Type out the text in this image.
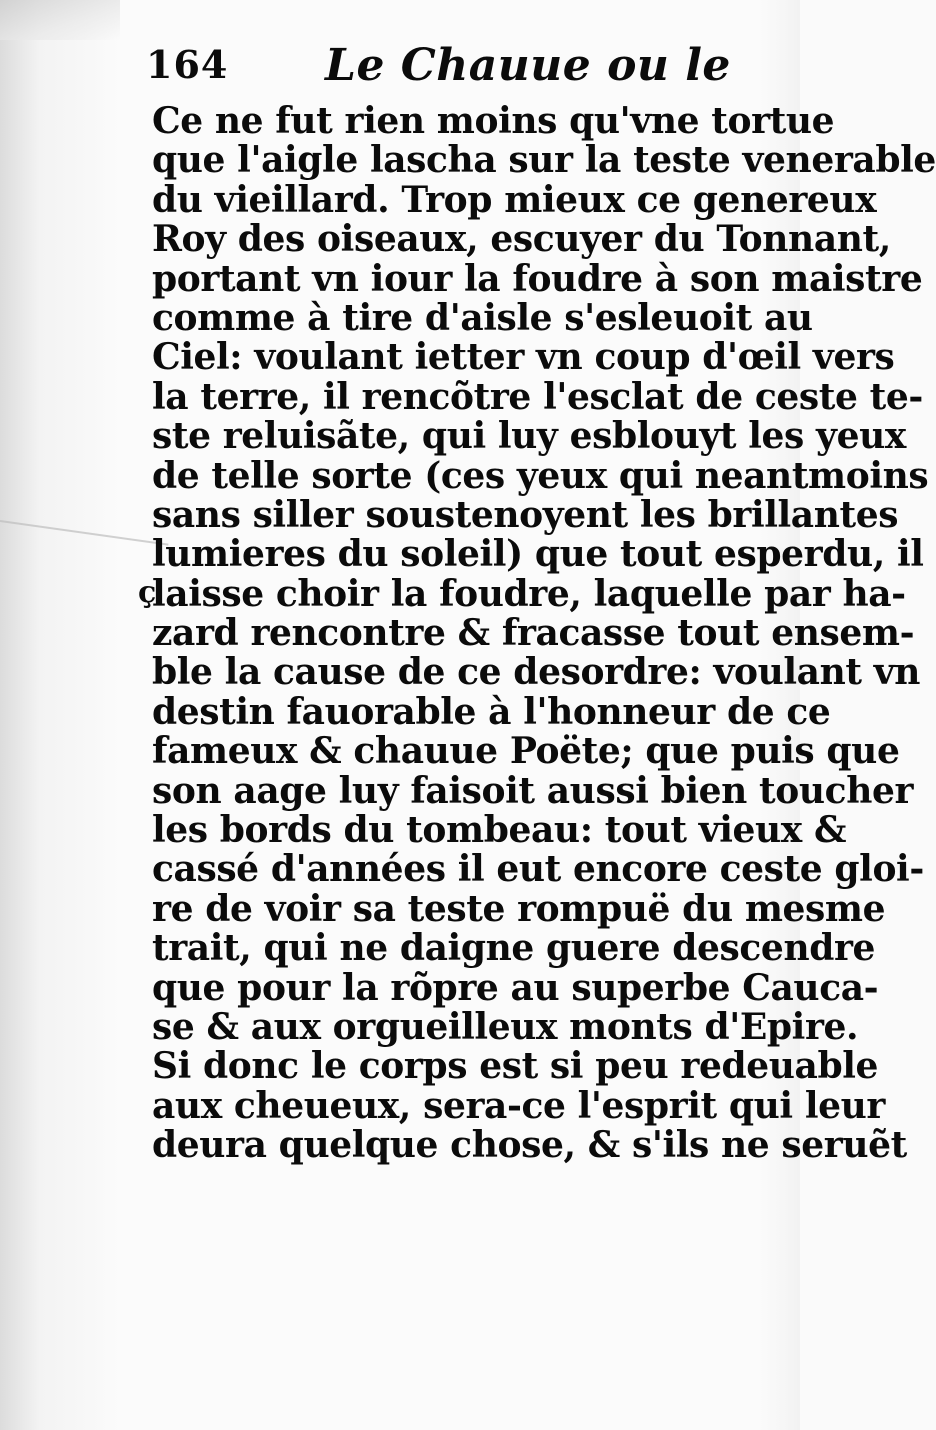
164 Le Chauue ou le
ç
Ce ne fut rien moins qu'vne tortue
que l'aigle lascha sur la teste venerable
du vieillard. Trop mieux ce genereux
Roy des oiseaux, escuyer du Tonnant,
portant vn iour la foudre à son maistre
comme à tire d'aisle s'esleuoit au
Ciel: voulant ietter vn coup d'œil vers
la terre, il rencõtre l'esclat de ceste te-
ste reluisãte, qui luy esblouyt les yeux
de telle sorte (ces yeux qui neantmoins
sans siller soustenoyent les brillantes
lumieres du soleil) que tout esperdu, il
laisse choir la foudre, laquelle par ha-
zard rencontre & fracasse tout ensem-
ble la cause de ce desordre: voulant vn
destin fauorable à l'honneur de ce
fameux & chauue Poëte; que puis que
son aage luy faisoit aussi bien toucher
les bords du tombeau: tout vieux &
cassé d'années il eut encore ceste gloi-
re de voir sa teste rompuë du mesme
trait, qui ne daigne guere descendre
que pour la rõpre au superbe Cauca-
se & aux orgueilleux monts d'Epire.
Si donc le corps est si peu redeuable
aux cheueux, sera-ce l'esprit qui leur
deura quelque chose, & s'ils ne seruẽt
